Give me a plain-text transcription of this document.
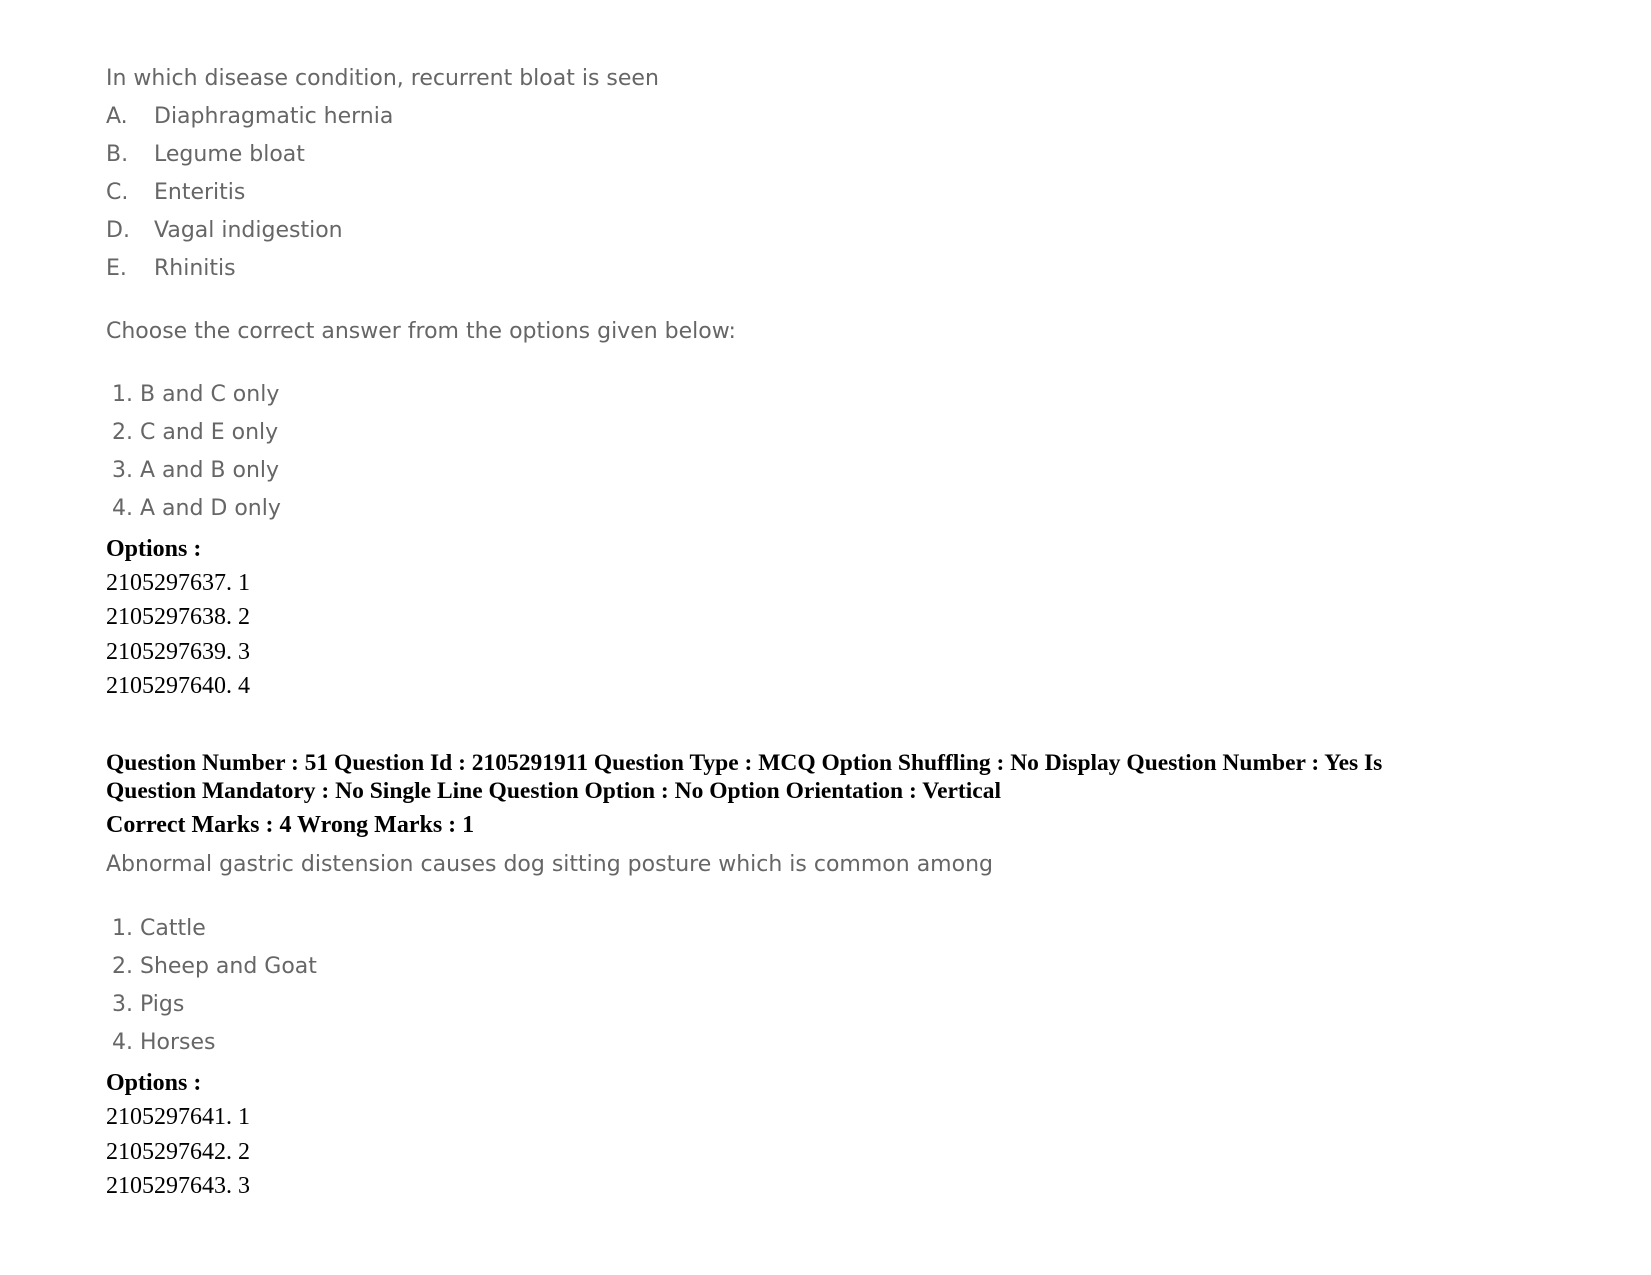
In which disease condition, recurrent bloat is seen
A. Diaphragmatic hernia
B. Legume bloat
C. Enteritis
D. Vagal indigestion
E. Rhinitis
Choose the correct answer from the options given below:
1. B and C only
2. C and E only
3. A and B only
4. A and D only
Options :
2105297637. 1
2105297638. 2
2105297639. 3
2105297640. 4
Question Number : 51 Question Id : 2105291911 Question Type : MCQ Option Shuffling : No Display Question Number : Yes Is
Question Mandatory : No Single Line Question Option : No Option Orientation : Vertical
Correct Marks : 4 Wrong Marks : 1
Abnormal gastric distension causes dog sitting posture which is common among
1. Cattle
2. Sheep and Goat
3. Pigs
4. Horses
Options :
2105297641. 1
2105297642. 2
2105297643. 3
